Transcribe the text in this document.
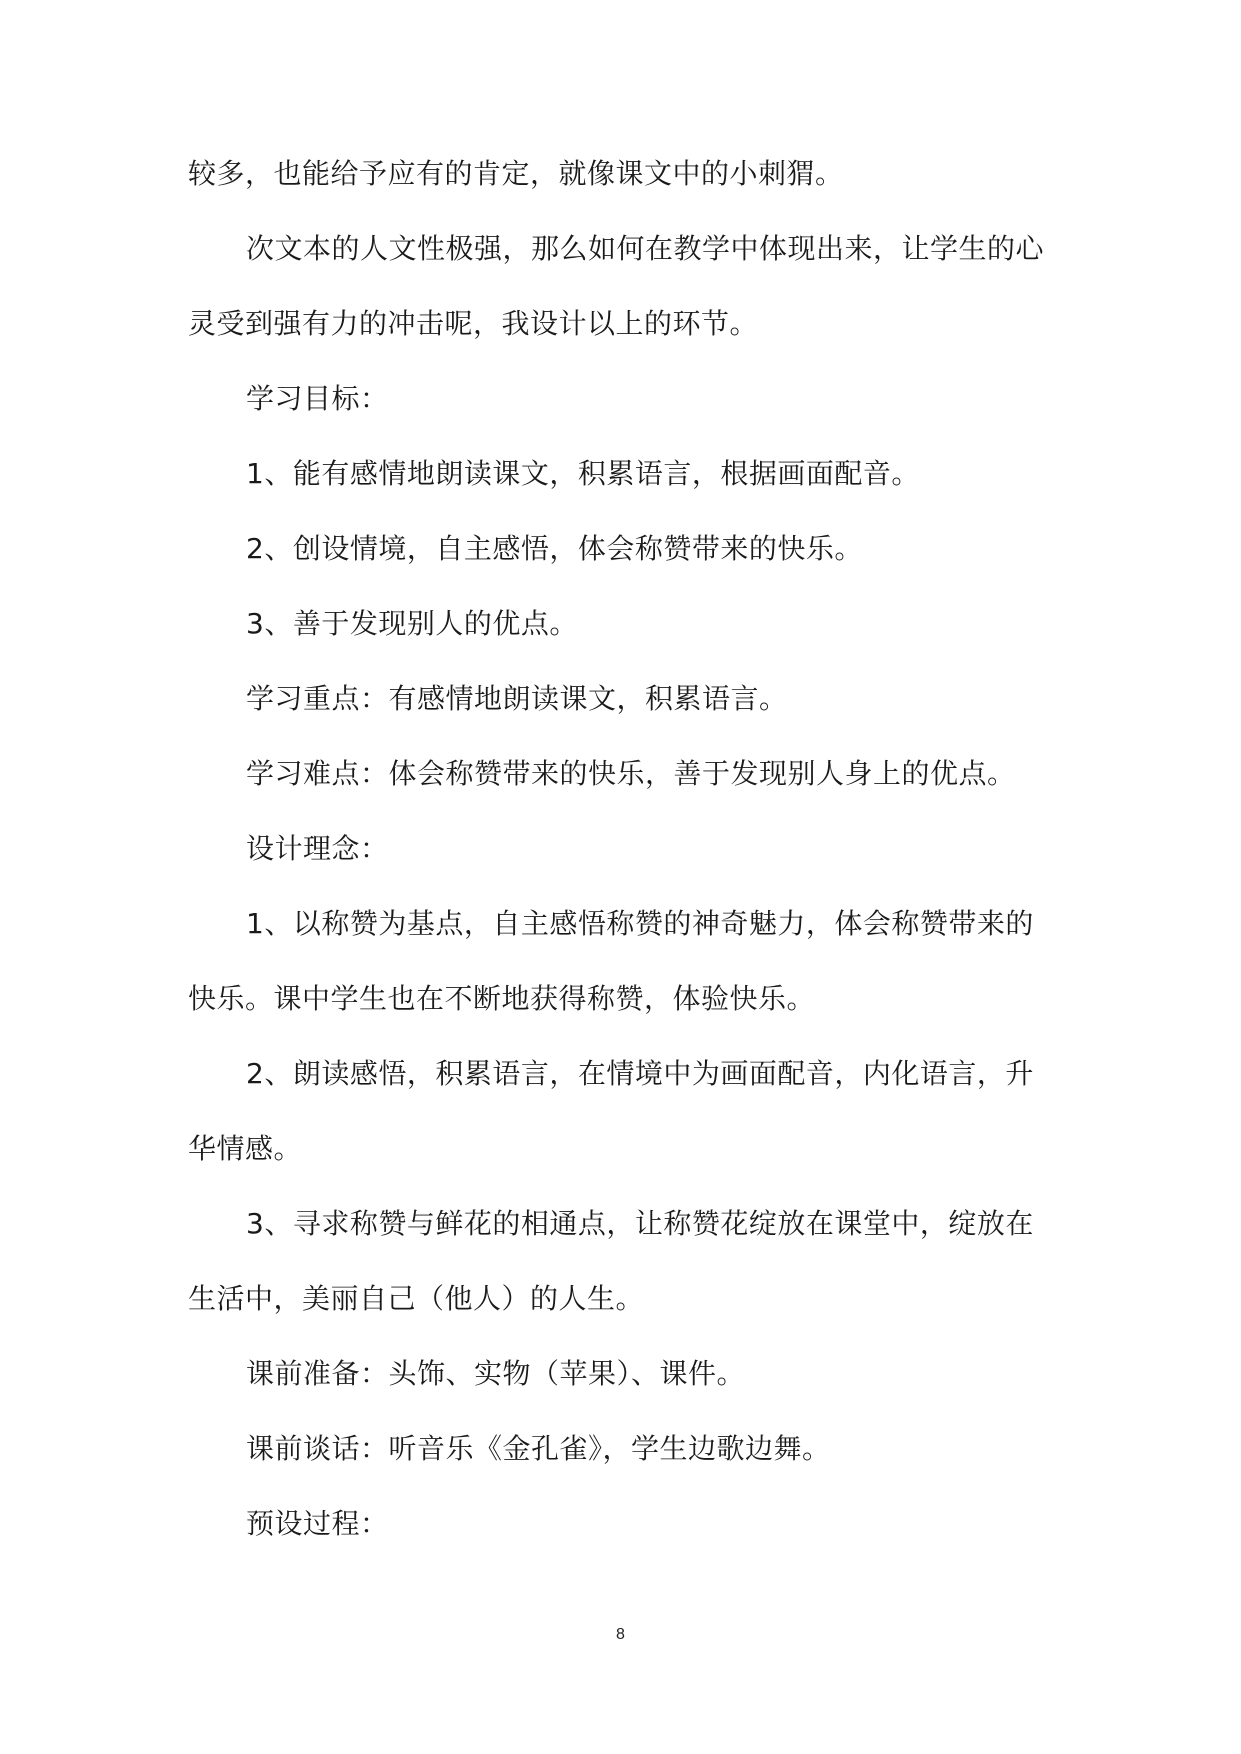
较多，也能给予应有的肯定，就像课文中的小刺猬。
次文本的人文性极强，那么如何在教学中体现出来，让学生的心
灵受到强有力的冲击呢，我设计以上的环节。
学习目标：
1、能有感情地朗读课文，积累语言，根据画面配音。
2、创设情境，自主感悟，体会称赞带来的快乐。
3、善于发现别人的优点。
学习重点：有感情地朗读课文，积累语言。
学习难点：体会称赞带来的快乐，善于发现别人身上的优点。
设计理念：
1、以称赞为基点，自主感悟称赞的神奇魅力，体会称赞带来的
快乐。课中学生也在不断地获得称赞，体验快乐。
2、朗读感悟，积累语言，在情境中为画面配音，内化语言，升
华情感。
3、寻求称赞与鲜花的相通点，让称赞花绽放在课堂中，绽放在
生活中，美丽自己（他人）的人生。
课前准备：头饰、实物（苹果）、课件。
课前谈话：听音乐《金孔雀》，学生边歌边舞。
预设过程：
8
